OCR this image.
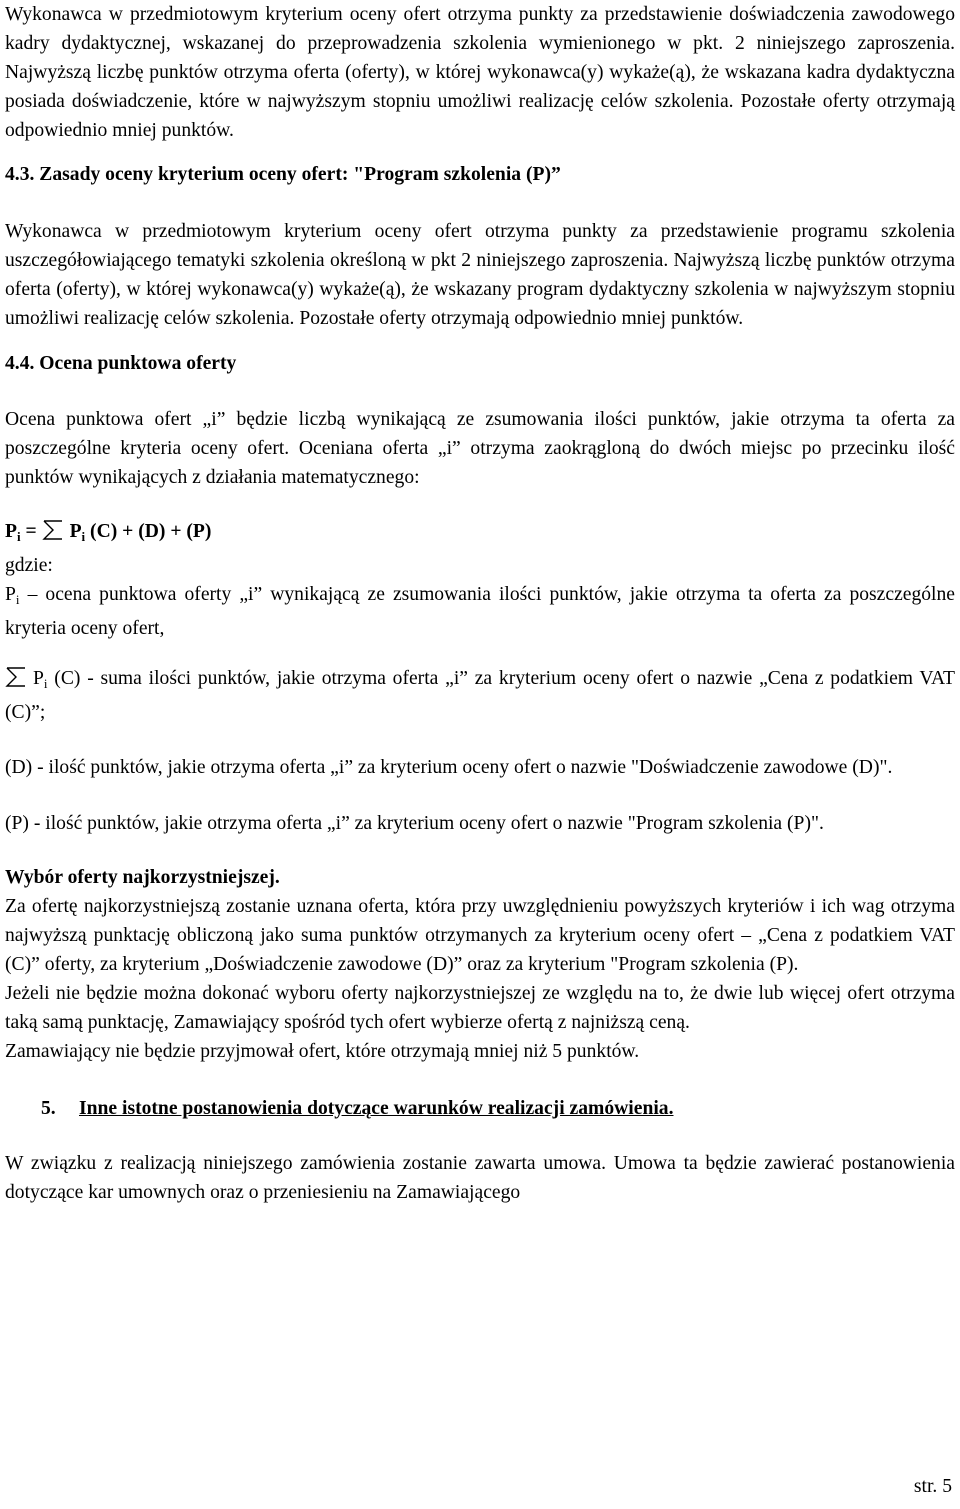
Wykonawca w przedmiotowym kryterium oceny ofert otrzyma punkty za przedstawienie doświadczenia zawodowego kadry dydaktycznej, wskazanej do przeprowadzenia szkolenia wymienionego w pkt. 2 niniejszego zaproszenia. Najwyższą liczbę punktów otrzyma oferta (oferty), w której wykonawca(y) wykaże(ą), że wskazana kadra dydaktyczna posiada doświadczenie, które w najwyższym stopniu umożliwi realizację celów szkolenia. Pozostałe oferty otrzymają odpowiednio mniej punktów.

4.3. Zasady oceny kryterium oceny ofert: "Program szkolenia (P)”

Wykonawca w przedmiotowym kryterium oceny ofert otrzyma punkty za przedstawienie programu szkolenia uszczegółowiającego tematyki szkolenia określoną w pkt 2 niniejszego zaproszenia. Najwyższą liczbę punktów otrzyma oferta (oferty), w której wykonawca(y) wykaże(ą), że wskazany program dydaktyczny szkolenia w najwyższym stopniu umożliwi realizację celów szkolenia. Pozostałe oferty otrzymają odpowiednio mniej punktów.

4.4. Ocena punktowa oferty

Ocena punktowa ofert „i” będzie liczbą wynikającą ze zsumowania ilości punktów, jakie otrzyma ta oferta za poszczególne kryteria oceny ofert. Oceniana oferta „i” otrzyma zaokrągloną do dwóch miejsc po przecinku ilość punktów wynikających z działania matematycznego:

$P_i$ =
$P_i$ (C) + (D) + (P)

gdzie:

$P_i$ – ocena punktowa oferty „i” wynikającą ze zsumowania ilości punktów, jakie otrzyma ta oferta za poszczególne kryteria oceny ofert,

$P_i$ (C) - suma ilości punktów, jakie otrzyma oferta „i” za kryterium oceny ofert o nazwie „Cena z podatkiem VAT (C)”;

(D) - ilość punktów, jakie otrzyma oferta „i” za kryterium oceny ofert o nazwie "Doświadczenie zawodowe (D)".

(P) - ilość punktów, jakie otrzyma oferta „i” za kryterium oceny ofert o nazwie "Program szkolenia (P)".

Wybór oferty najkorzystniejszej.

Za ofertę najkorzystniejszą zostanie uznana oferta, która przy uwzględnieniu powyższych kryteriów i ich wag otrzyma najwyższą punktację obliczoną jako suma punktów otrzymanych za kryterium oceny ofert – „Cena z podatkiem VAT (C)” oferty, za kryterium „Doświadczenie zawodowe (D)” oraz za kryterium "Program szkolenia (P).

Jeżeli nie będzie można dokonać wyboru oferty najkorzystniejszej ze względu na to, że dwie lub więcej ofert otrzyma taką samą punktację, Zamawiający spośród tych ofert wybierze ofertą z najniższą ceną.

Zamawiający nie będzie przyjmował ofert, które otrzymają mniej niż 5 punktów.

5. Inne istotne postanowienia dotyczące warunków realizacji zamówienia.

W związku z realizacją niniejszego zamówienia zostanie zawarta umowa. Umowa ta będzie zawierać postanowienia dotyczące kar umownych oraz o przeniesieniu na Zamawiającego

str. 5
